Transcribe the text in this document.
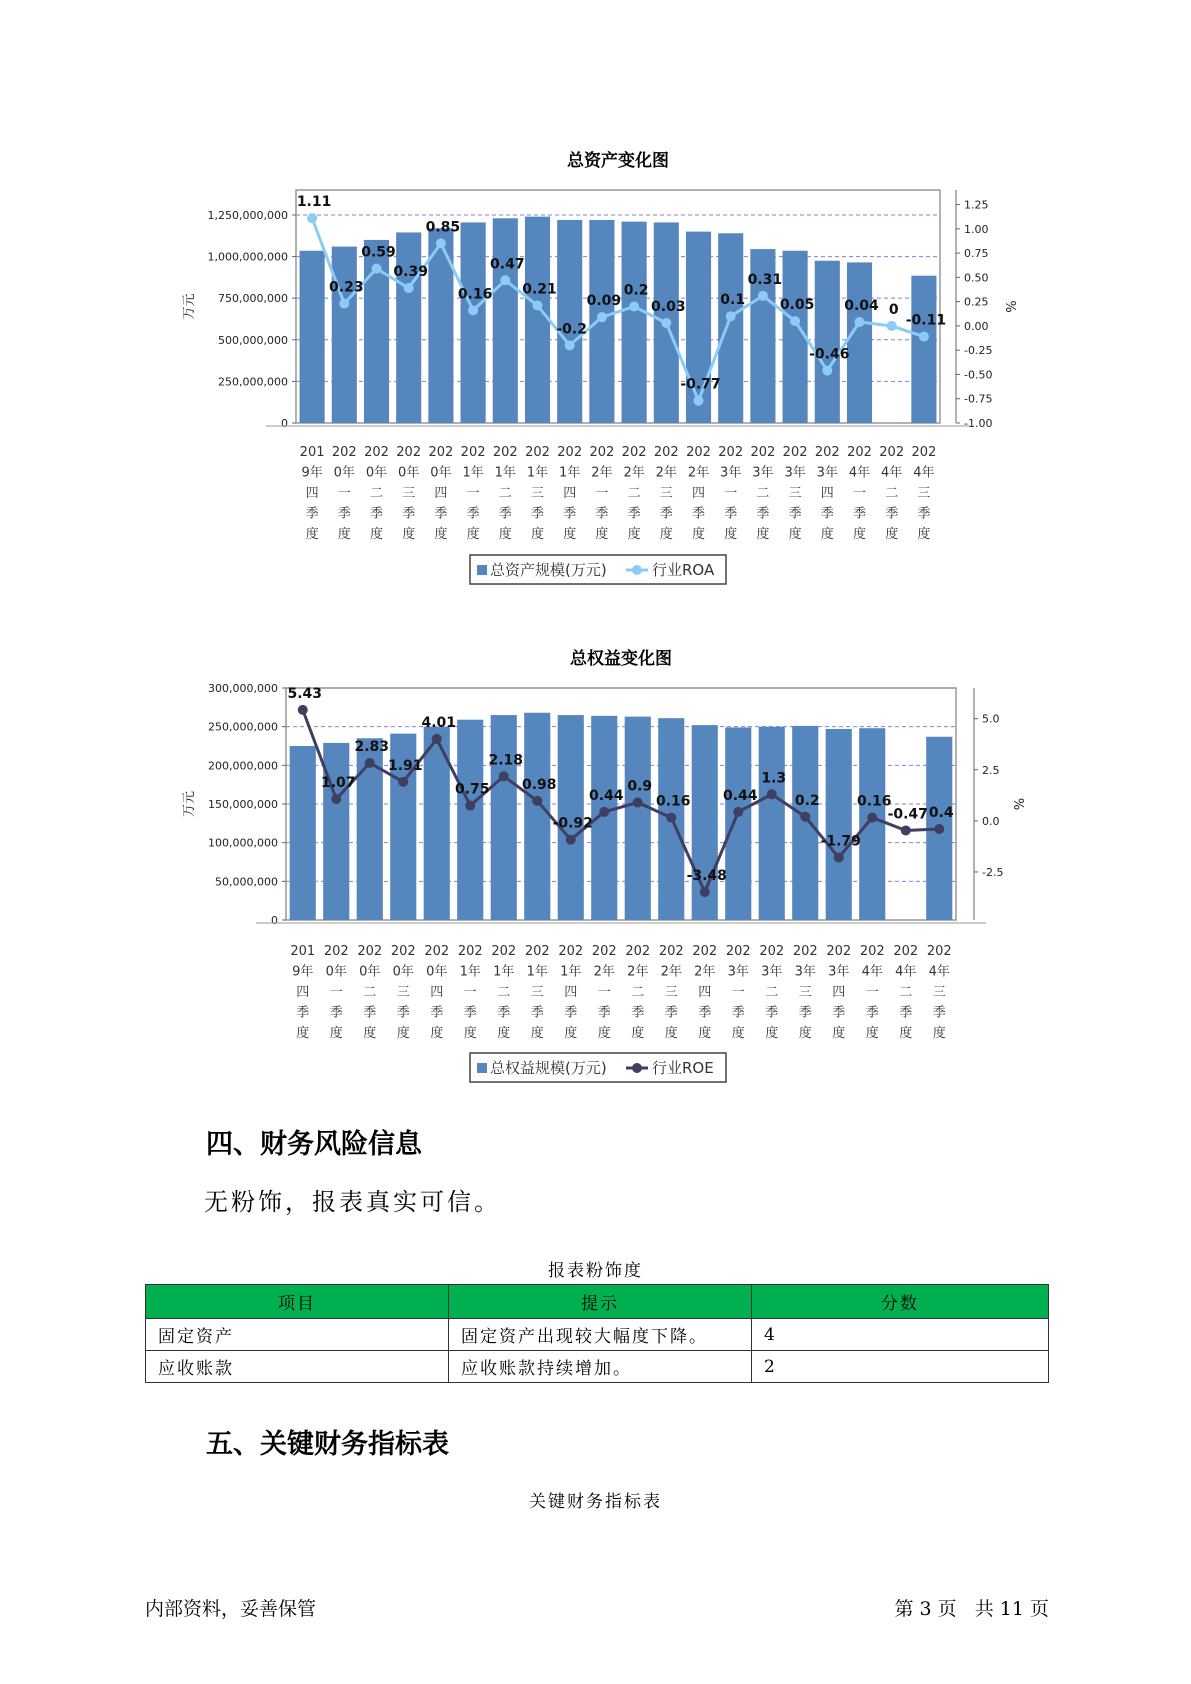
总资产变化图
0
250,000,000
500,000,000
750,000,000
1,000,000,000
1,250,000,000
万元
-1.00
-0.75
-0.50
-0.25
0.00
0.25
0.50
0.75
1.00
1.25
%
1.11
0.23
0.59
0.39
0.85
0.16
0.47
0.21
-0.2
0.09
0.2
0.03
-0.77
0.1
0.31
0.05
-0.46
0.04 0
-0.11
201
9年
四
季
度
202
0年
一
季
度
202
0年
二
季
度
202
0年
三
季
度
202
0年
四
季
度
202
1年
一
季
度
202
1年
二
季
度
202
1年
三
季
度
202
1年
四
季
度
202
2年
一
季
度
202
2年
二
季
度
202
2年
三
季
度
202
2年
四
季
度
202
3年
一
季
度
202
3年
二
季
度
202
3年
三
季
度
202
3年
四
季
度
202
4年
一
季
度
202
4年
二
季
度
202
4年
三
季
度
总资产规模(万元)	行业ROA
总权益变化图
0
50,000,000
100,000,000
150,000,000
200,000,000
250,000,000
300,000,000
万元
-2.5
0.0
2.5
5.0
%
5.43
1.07
2.83
1.91
4.01
0.75
2.18
0.98
-0.92
0.44
0.9
0.16
-3.48
0.44
1.3
0.2
-1.79
0.16
-0.47 0.4
201
9年
四
季
度
202
0年
一
季
度
202
0年
二
季
度
202
0年
三
季
度
202
0年
四
季
度
202
1年
一
季
度
202
1年
二
季
度
202
1年
三
季
度
202
1年
四
季
度
202
2年
一
季
度
202
2年
二
季
度
202
2年
三
季
度
202
2年
四
季
度
202
3年
一
季
度
202
3年
二
季
度
202
3年
三
季
度
202
3年
四
季
度
202
4年
一
季
度
202
4年
二
季
度
202
4年
三
季
度
总权益规模(万元)	行业ROE
四、财务风险信息

无粉饰，报表真实可信。

报表粉饰度

项目	提示	分数
固定资产	固定资产出现较大幅度下降。	4
应收账款	应收账款持续增加。	2
五、关键财务指标表

关键财务指标表

内部资料，妥善保管	第 3 页   共 11 页
